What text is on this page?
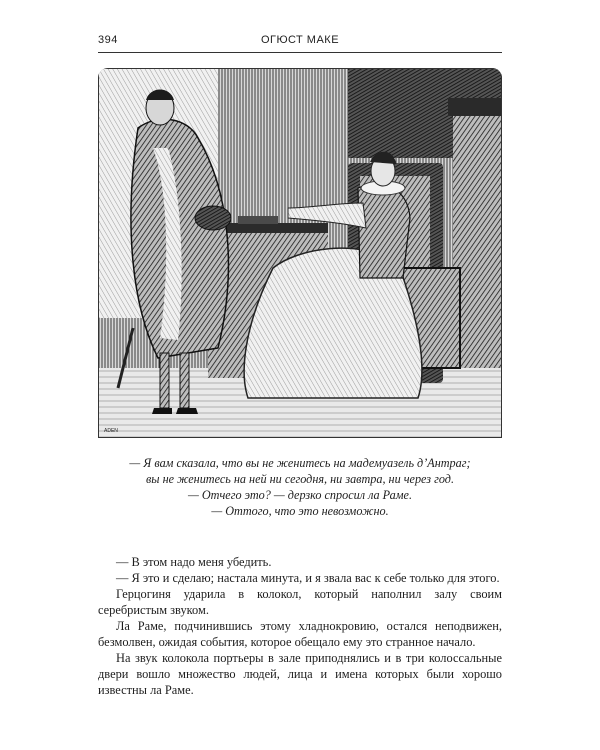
394	ОГЮСТ МАКЕ
ADEN
— Я вам сказала, что вы не женитесь на мадемуазель д’Антраг;
вы не женитесь на ней ни сегодня, ни завтра, ни через год.
— Отчего это? — дерзко спросил ла Раме.
— Оттого, что это невозможно.

— В этом надо меня убедить.

— Я это и сделаю; настала минута, и я звала вас к себе только для этого.

Герцогиня ударила в колокол, который наполнил залу своим серебристым звуком.

Ла Раме, подчинившись этому хладнокровию, остался неподвижен, безмолвен, ожидая события, которое обещало ему это странное начало.

На звук колокола портьеры в зале приподнялись и в три колоссальные двери вошло множество людей, лица и имена которых были хорошо известны ла Раме.
